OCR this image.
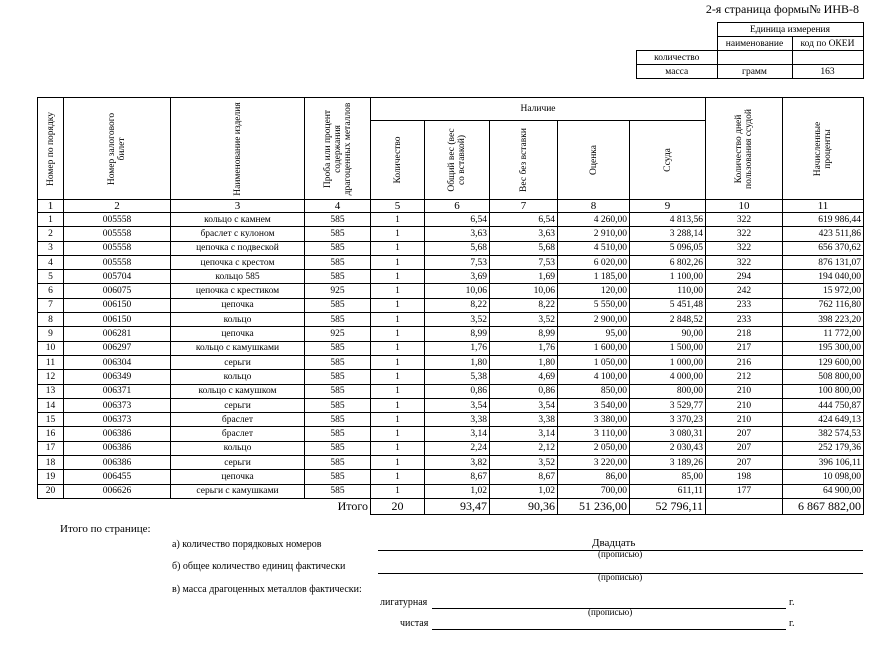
2-я страница формы№ ИНВ-8
	Единица измерения	
	наименование	код по ОКЕИ
количество		
масса	грамм	163
Номер по порядку	Номер залогового билет	Наименование изделия	Проба или процент содержания драгоценных металлов	Наличие					Количество дней пользования ссудой	Начисленные проценты

				Количество	Общий вес (вес со вставкой)	Вес без вставки	Оценка	Ссуда		

1	2	3	4	5	6	7	8	9	10	11
1	005558	кольцо с камнем	585	1	6,54	6,54	4 260,00	4 813,56	322	619 986,44
2	005558	браслет с кулоном	585	1	3,63	3,63	2 910,00	3 288,14	322	423 511,86
3	005558	цепочка с подвеской	585	1	5,68	5,68	4 510,00	5 096,05	322	656 370,62
4	005558	цепочка с крестом	585	1	7,53	7,53	6 020,00	6 802,26	322	876 131,07
5	005704	кольцо 585	585	1	3,69	1,69	1 185,00	1 100,00	294	194 040,00
6	006075	цепочка с крестиком	925	1	10,06	10,06	120,00	110,00	242	15 972,00
7	006150	цепочка	585	1	8,22	8,22	5 550,00	5 451,48	233	762 116,80
8	006150	кольцо	585	1	3,52	3,52	2 900,00	2 848,52	233	398 223,20
9	006281	цепочка	925	1	8,99	8,99	95,00	90,00	218	11 772,00
10	006297	кольцо с камушками	585	1	1,76	1,76	1 600,00	1 500,00	217	195 300,00
11	006304	серьги	585	1	1,80	1,80	1 050,00	1 000,00	216	129 600,00
12	006349	кольцо	585	1	5,38	4,69	4 100,00	4 000,00	212	508 800,00
13	006371	кольцо с камушком	585	1	0,86	0,86	850,00	800,00	210	100 800,00
14	006373	серьги	585	1	3,54	3,54	3 540,00	3 529,77	210	444 750,87
15	006373	браслет	585	1	3,38	3,38	3 380,00	3 370,23	210	424 649,13
16	006386	браслет	585	1	3,14	3,14	3 110,00	3 080,31	207	382 574,53
17	006386	кольцо	585	1	2,24	2,12	2 050,00	2 030,43	207	252 179,36
18	006386	серьги	585	1	3,82	3,52	3 220,00	3 189,26	207	396 106,11
19	006455	цепочка	585	1	8,67	8,67	86,00	85,00	198	10 098,00
20	006626	серьги с камушками	585	1	1,02	1,02	700,00	611,11	177	64 900,00
			Итого	20	93,47	90,36	51 236,00	52 796,11		6 867 882,00
Итого по странице:
а) количество порядковых номеров	Двадцать
(прописью)
б) общее количество единиц фактически
(прописью)
в) масса драгоценных металлов фактически:
лигатурная	г.
(прописью)
чистая	г.
